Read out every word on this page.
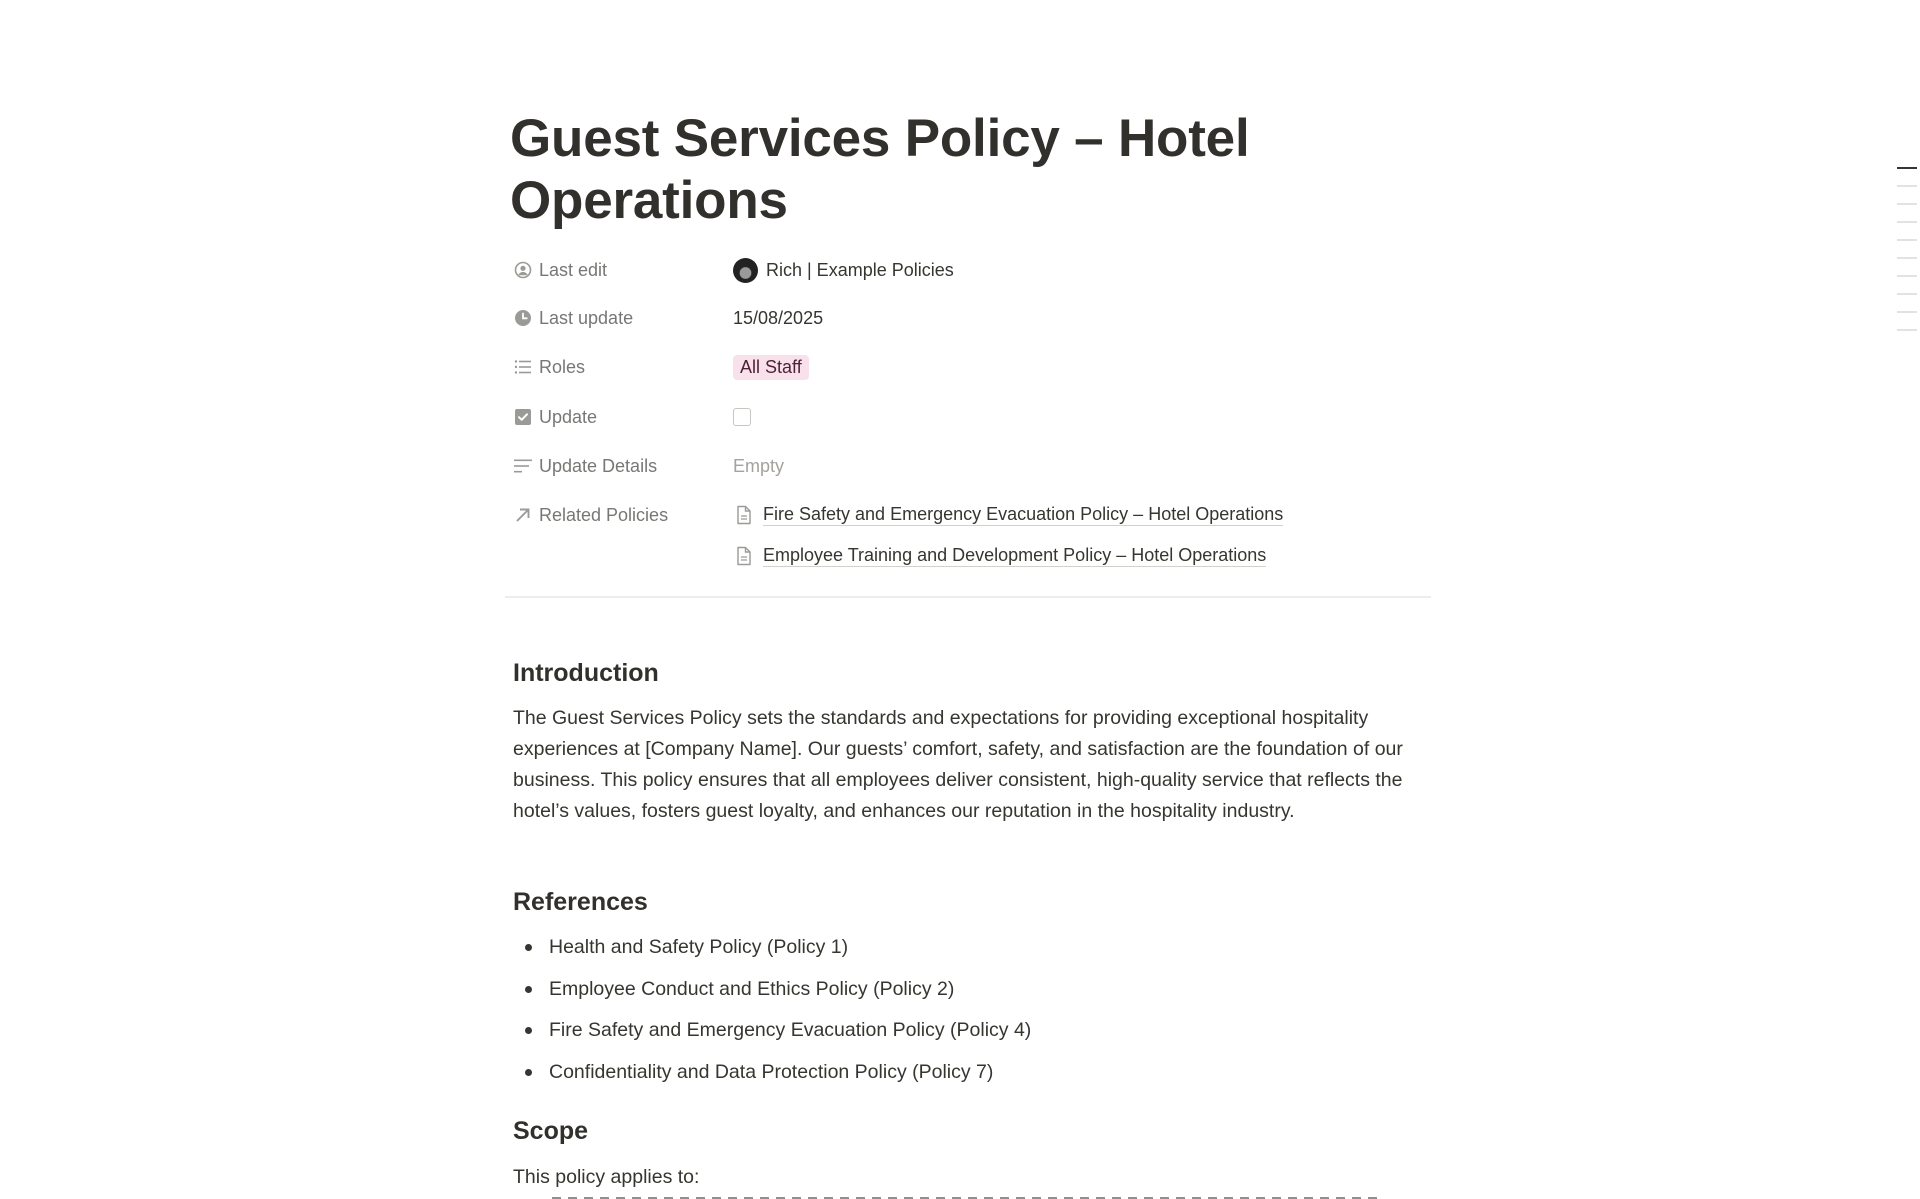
Guest Services Policy – Hotel Operations
Last edit	Rich | Example Policies
Last update	15/08/2025
Roles	All Staff
Update
Update Details	Empty
Related Policies	Fire Safety and Emergency Evacuation Policy – Hotel Operations
Employee Training and Development Policy – Hotel Operations
Introduction

The Guest Services Policy sets the standards and expectations for providing exceptional hospitality experiences at [Company Name]. Our guests’ comfort, safety, and satisfaction are the foundation of our business. This policy ensures that all employees deliver consistent, high-quality service that reflects the hotel’s values, fosters guest loyalty, and enhances our reputation in the hospitality industry.

References
Health and Safety Policy (Policy 1)
Employee Conduct and Ethics Policy (Policy 2)
Fire Safety and Emergency Evacuation Policy (Policy 4)
Confidentiality and Data Protection Policy (Policy 7)
Scope

This policy applies to:
